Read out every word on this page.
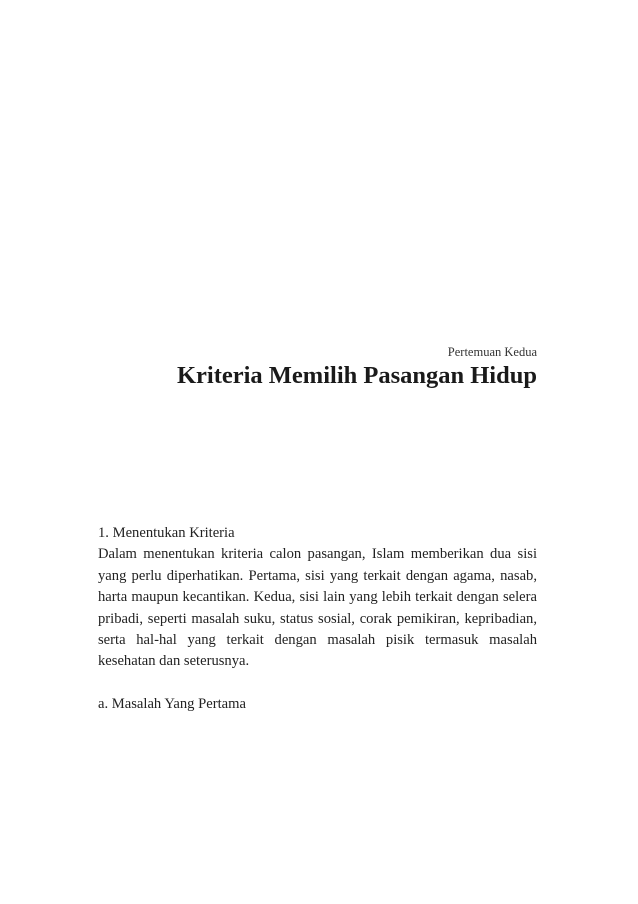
Pertemuan Kedua
Kriteria Memilih Pasangan Hidup

1. Menentukan Kriteria

Dalam menentukan kriteria calon pasangan, Islam memberikan dua sisi yang perlu diperhatikan. Pertama, sisi yang terkait dengan agama, nasab, harta maupun kecantikan. Kedua, sisi lain yang lebih terkait dengan selera pribadi, seperti masalah suku, status sosial, corak pemikiran, kepribadian, serta hal-hal yang terkait dengan masalah pisik termasuk masalah kesehatan dan seterusnya.

a. Masalah Yang Pertama
